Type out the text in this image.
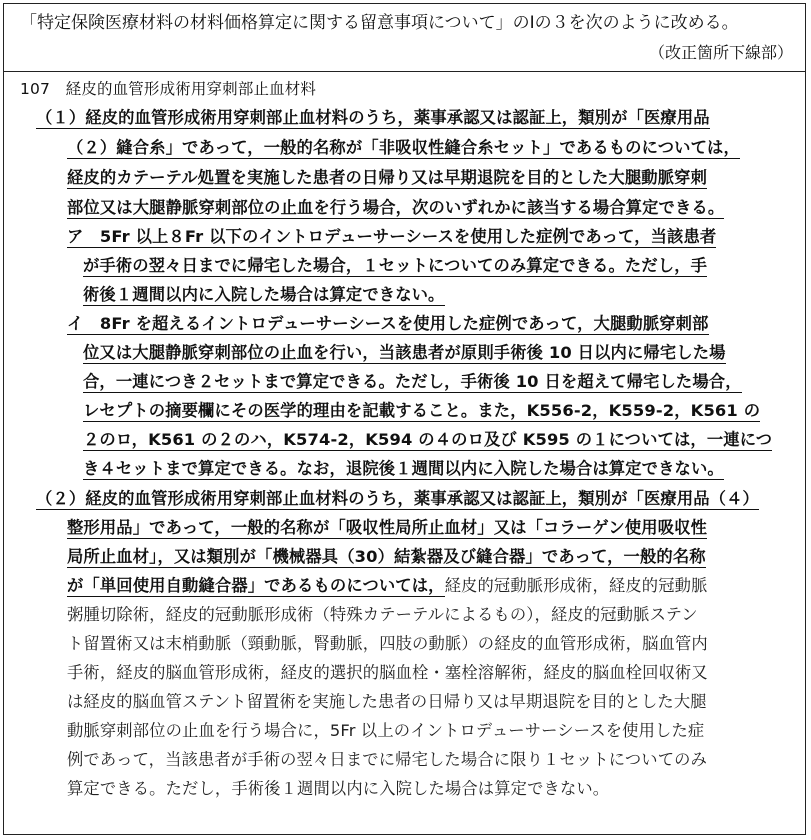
「特定保険医療材料の材料価格算定に関する留意事項について」のⅠの３を次のように改める。
（改正箇所下線部）
107　経皮的血管形成術用穿刺部止血材料
（１）経皮的血管形成術用穿刺部止血材料のうち，薬事承認又は認証上，類別が「医療用品
（２）縫合糸」であって，一般的名称が「非吸収性縫合糸セット」であるものについては，
経皮的カテーテル処置を実施した患者の日帰り又は早期退院を目的とした大腿動脈穿刺
部位又は大腿静脈穿刺部位の止血を行う場合，次のいずれかに該当する場合算定できる。
ア　5Fr 以上８Fr 以下のイントロデューサーシースを使用した症例であって，当該患者
が手術の翌々日までに帰宅した場合，１セットについてのみ算定できる。ただし，手
術後１週間以内に入院した場合は算定できない。
イ　8Fr を超えるイントロデューサーシースを使用した症例であって，大腿動脈穿刺部
位又は大腿静脈穿刺部位の止血を行い，当該患者が原則手術後 10 日以内に帰宅した場
合，一連につき２セットまで算定できる。ただし，手術後 10 日を超えて帰宅した場合，
レセプトの摘要欄にその医学的理由を記載すること。また，K556-2，K559-2，K561 の
２のロ，K561 の２のハ，K574-2，K594 の４のロ及び K595 の１については，一連につ
き４セットまで算定できる。なお，退院後１週間以内に入院した場合は算定できない。
（２）経皮的血管形成術用穿刺部止血材料のうち，薬事承認又は認証上，類別が「医療用品（４）
整形用品」であって，一般的名称が「吸収性局所止血材」又は「コラーゲン使用吸収性
局所止血材」，又は類別が「機械器具（30）結紮器及び縫合器」であって，一般的名称
が「単回使用自動縫合器」であるものについては，経皮的冠動脈形成術，経皮的冠動脈
粥腫切除術，経皮的冠動脈形成術（特殊カテーテルによるもの），経皮的冠動脈ステン
ト留置術又は末梢動脈（頸動脈，腎動脈，四肢の動脈）の経皮的血管形成術，脳血管内
手術，経皮的脳血管形成術，経皮的選択的脳血栓・塞栓溶解術，経皮的脳血栓回収術又
は経皮的脳血管ステント留置術を実施した患者の日帰り又は早期退院を目的とした大腿
動脈穿刺部位の止血を行う場合に，5Fr 以上のイントロデューサーシースを使用した症
例であって，当該患者が手術の翌々日までに帰宅した場合に限り１セットについてのみ
算定できる。ただし，手術後１週間以内に入院した場合は算定できない。
